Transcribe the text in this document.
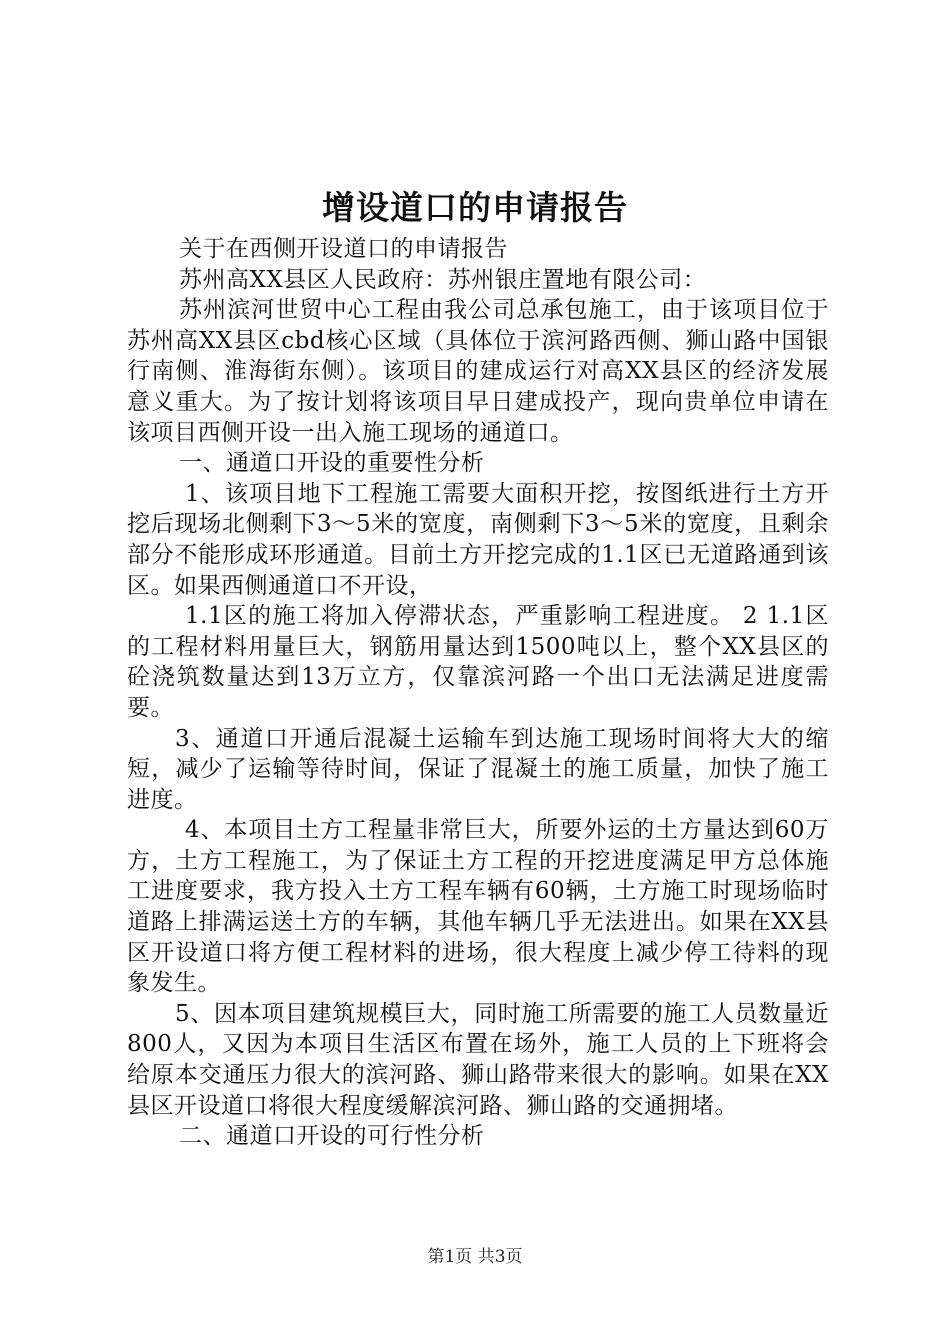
增设道口的申请报告

关于在西侧开设道口的申请报告

苏州高XX县区人民政府：苏州银庄置地有限公司：

苏州滨河世贸中心工程由我公司总承包施工，由于该项目位于苏州高XX县区cbd核心区域（具体位于滨河路西侧、狮山路中国银行南侧、淮海街东侧）。该项目的建成运行对高XX县区的经济发展意义重大。为了按计划将该项目早日建成投产，现向贵单位申请在该项目西侧开设一出入施工现场的通道口。

一、通道口开设的重要性分析

1、该项目地下工程施工需要大面积开挖，按图纸进行土方开挖后现场北侧剩下3～5米的宽度，南侧剩下3～5米的宽度，且剩余部分不能形成环形通道。目前土方开挖完成的1.1区已无道路通到该区。如果西侧通道口不开设，

1.1区的施工将加入停滞状态，严重影响工程进度。 2 1.1区的工程材料用量巨大，钢筋用量达到1500吨以上，整个XX县区的砼浇筑数量达到13万立方，仅靠滨河路一个出口无法满足进度需要。

3、通道口开通后混凝土运输车到达施工现场时间将大大的缩短，减少了运输等待时间，保证了混凝土的施工质量，加快了施工进度。

4、本项目土方工程量非常巨大，所要外运的土方量达到60万方，土方工程施工，为了保证土方工程的开挖进度满足甲方总体施工进度要求，我方投入土方工程车辆有60辆，土方施工时现场临时道路上排满运送土方的车辆，其他车辆几乎无法进出。如果在XX县区开设道口将方便工程材料的进场，很大程度上减少停工待料的现象发生。

5、因本项目建筑规模巨大，同时施工所需要的施工人员数量近800人，又因为本项目生活区布置在场外，施工人员的上下班将会给原本交通压力很大的滨河路、狮山路带来很大的影响。如果在XX县区开设道口将很大程度缓解滨河路、狮山路的交通拥堵。

二、通道口开设的可行性分析

第1页 共3页
